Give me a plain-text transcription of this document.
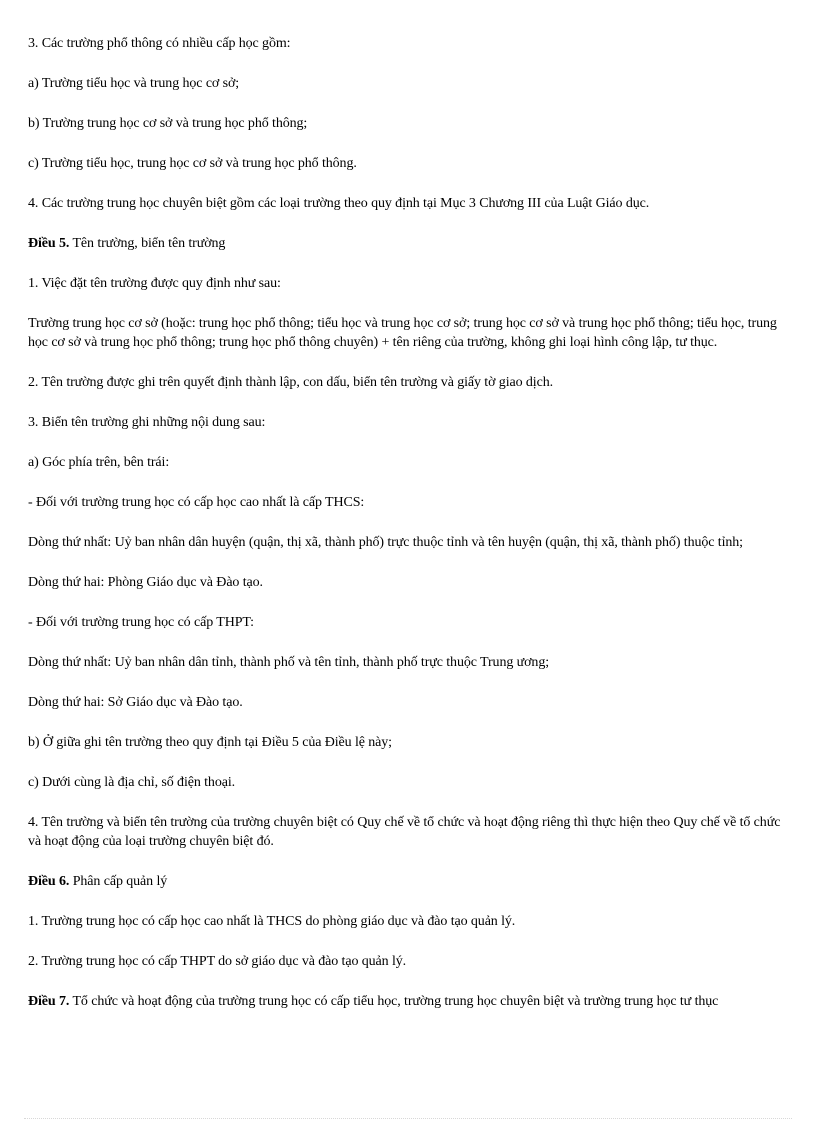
3. Các trường phổ thông có nhiều cấp học gồm:

a) Trường tiểu học và trung học cơ sở;

b) Trường trung học cơ sở và trung học phổ thông;

c) Trường tiểu học, trung học cơ sở và trung học phổ thông.

4. Các trường trung học chuyên biệt gồm các loại trường theo quy định tại Mục 3 Chương III của Luật Giáo dục.

Điều 5. Tên trường, biển tên trường

1. Việc đặt tên trường được quy định như sau:

Trường trung học cơ sở (hoặc: trung học phổ thông; tiểu học và trung học cơ sở; trung học cơ sở và trung học phổ thông; tiểu học, trung học cơ sở và trung học phổ thông; trung học phổ thông chuyên) + tên riêng của trường, không ghi loại hình công lập, tư thục.

2. Tên trường được ghi trên quyết định thành lập, con dấu, biển tên trường và giấy tờ giao dịch.

3. Biển tên trường ghi những nội dung sau:

a) Góc phía trên, bên trái:

- Đối với trường trung học có cấp học cao nhất là cấp THCS:

Dòng thứ nhất: Uỷ ban nhân dân huyện (quận, thị xã, thành phố) trực thuộc tỉnh và tên huyện (quận, thị xã, thành phố) thuộc tỉnh;

Dòng thứ hai: Phòng Giáo dục và Đào tạo.

- Đối với trường trung học có cấp THPT:

Dòng thứ nhất: Uỷ ban nhân dân tỉnh, thành phố và tên tỉnh, thành phố trực thuộc Trung ương;

Dòng thứ hai: Sở Giáo dục và Đào tạo.

b) Ở giữa ghi tên trường theo quy định tại Điều 5 của Điều lệ này;

c) Dưới cùng là địa chỉ, số điện thoại.

4. Tên trường và biển tên trường của trường chuyên biệt có Quy chế về tổ chức và hoạt động riêng thì thực hiện theo Quy chế về tổ chức và hoạt động của loại trường chuyên biệt đó.

Điều 6. Phân cấp quản lý

1. Trường trung học có cấp học cao nhất là THCS do phòng giáo dục và đào tạo quản lý.

2. Trường trung học có cấp THPT do sở giáo dục và đào tạo quản lý.

Điều 7. Tổ chức và hoạt động của trường trung học có cấp tiểu học, trường trung học chuyên biệt và trường trung học tư thục
